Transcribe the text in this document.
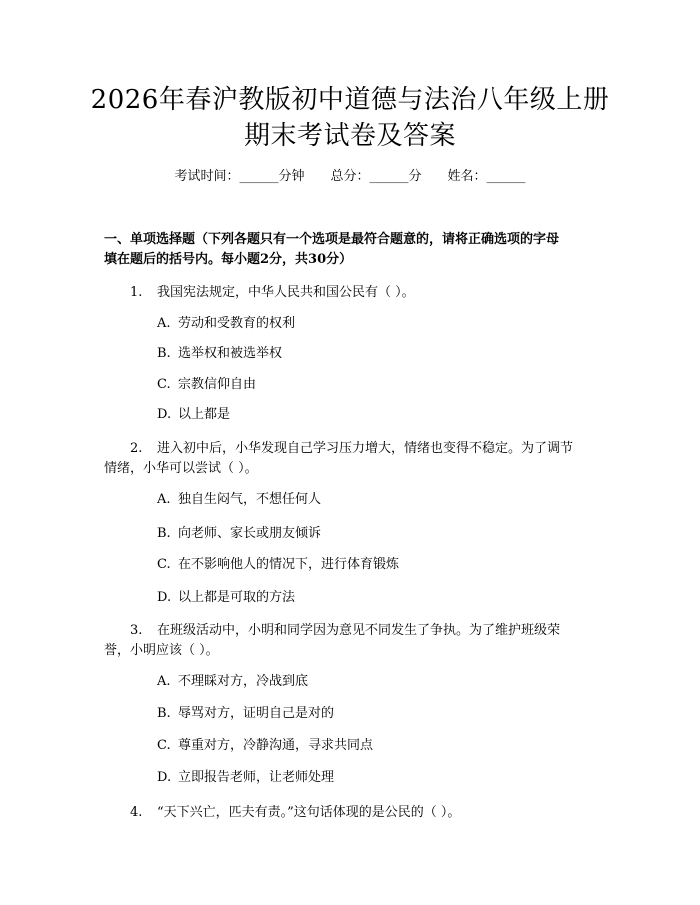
2026年春沪教版初中道德与法治八年级上册
期末考试卷及答案
考试时间：______分钟 总分：______分 姓名：______
一、单项选择题（下列各题只有一个选项是最符合题意的，请将正确选项的字母
填在题后的括号内。每小题2分，共30分）
1. 我国宪法规定，中华人民共和国公民有（ ）。
A. 劳动和受教育的权利
B. 选举权和被选举权
C. 宗教信仰自由
D. 以上都是
2. 进入初中后，小华发现自己学习压力增大，情绪也变得不稳定。为了调节
情绪，小华可以尝试（ ）。
A. 独自生闷气，不想任何人
B. 向老师、家长或朋友倾诉
C. 在不影响他人的情况下，进行体育锻炼
D. 以上都是可取的方法
3. 在班级活动中，小明和同学因为意见不同发生了争执。为了维护班级荣
誉，小明应该（ ）。
A. 不理睬对方，冷战到底
B. 辱骂对方，证明自己是对的
C. 尊重对方，冷静沟通，寻求共同点
D. 立即报告老师，让老师处理
4. “天下兴亡，匹夫有责。”这句话体现的是公民的（ ）。
